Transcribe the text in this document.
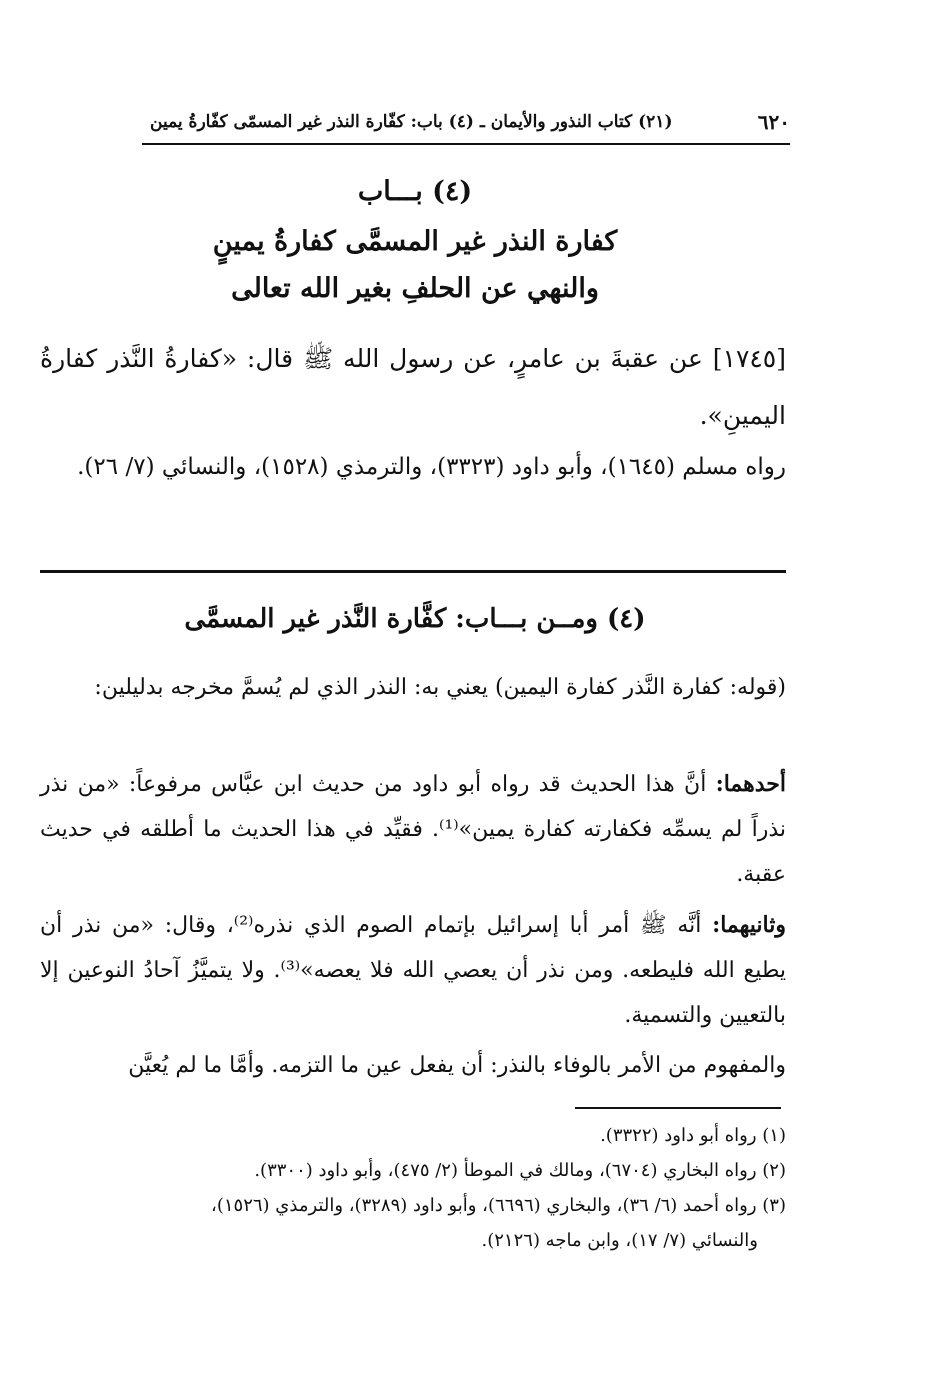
٦٢٠
(٢١) كتاب النذور والأيمان ـ (٤) باب: كفّارة النذر غير المسمّى كفّارةُ يمين
(٤) بـــاب
كفارة النذر غير المسمَّى كفارةُ يمينٍ
والنهي عن الحلفِ بغير الله تعالى
[١٧٤٥] عن عقبةَ بن عامرٍ، عن رسول الله ﷺ قال: «كفارةُ النَّذر كفارةُ اليمينِ».
رواه مسلم (١٦٤٥)، وأبو داود (٣٣٢٣)، والترمذي (١٥٢٨)، والنسائي (٧/ ٢٦).
(٤) ومــن بـــاب: كفَّارة النَّذر غير المسمَّى
(قوله: كفارة النَّذر كفارة اليمين) يعني به: النذر الذي لم يُسمَّ مخرجه بدليلين:
أحدهما: أنَّ هذا الحديث قد رواه أبو داود من حديث ابن عبَّاس مرفوعاً: «من نذر نذراً لم يسمِّه فكفارته كفارة يمين»⁽¹⁾. فقيِّد في هذا الحديث ما أطلقه في حديث عقبة.
وثانيهما: أنَّه ﷺ أمر أبا إسرائيل بإتمام الصوم الذي نذره⁽²⁾، وقال: «من نذر أن يطيع الله فليطعه. ومن نذر أن يعصي الله فلا يعصه»⁽³⁾. ولا يتميَّزُ آحادُ النوعين إلا بالتعيين والتسمية.
والمفهوم من الأمر بالوفاء بالنذر: أن يفعل عين ما التزمه. وأمَّا ما لم يُعيَّن
(١) رواه أبو داود (٣٣٢٢).
(٢) رواه البخاري (٦٧٠٤)، ومالك في الموطأ (٢/ ٤٧٥)، وأبو داود (٣٣٠٠).
(٣) رواه أحمد (٦/ ٣٦)، والبخاري (٦٦٩٦)، وأبو داود (٣٢٨٩)، والترمذي (١٥٢٦)،
والنسائي (٧/ ١٧)، وابن ماجه (٢١٢٦).
